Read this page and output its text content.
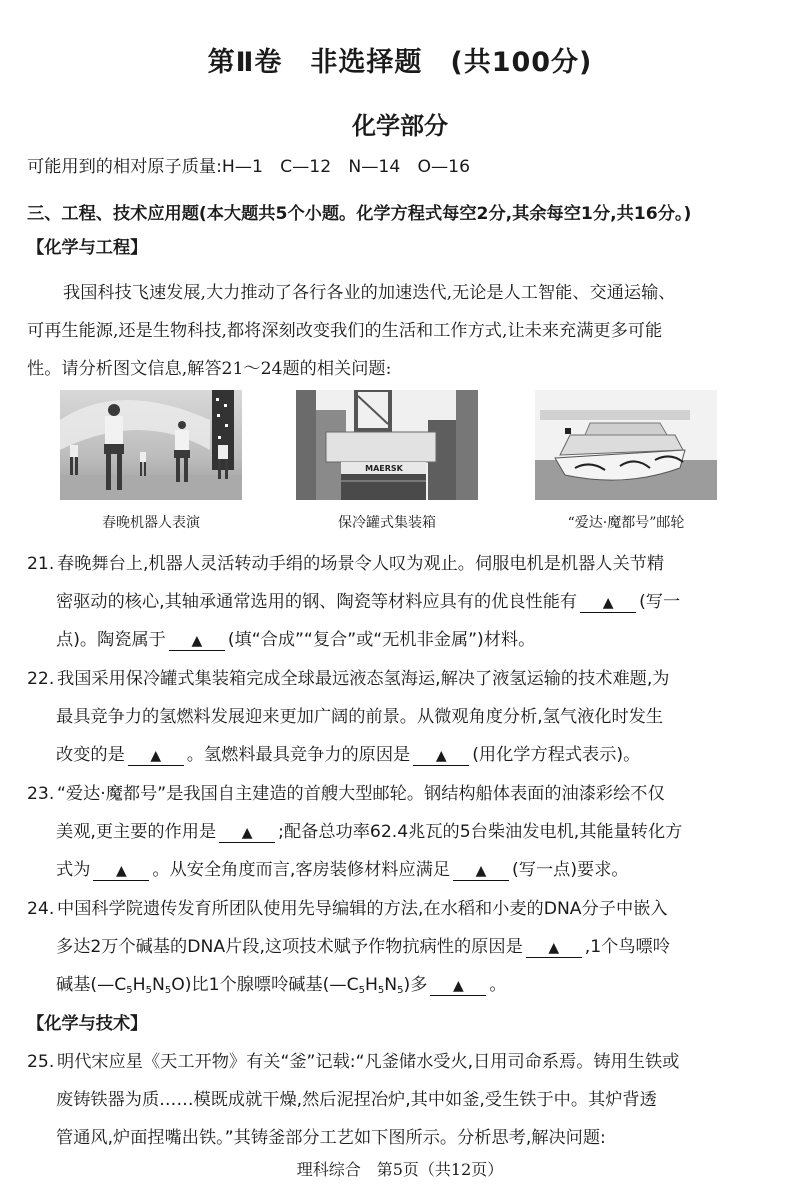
第Ⅱ卷　非选择题　(共100分)
化学部分
可能用到的相对原子质量:H—1　C—12　N—14　O—16
三、工程、技术应用题(本大题共5个小题。化学方程式每空2分,其余每空1分,共16分。)
【化学与工程】
我国科技飞速发展,大力推动了各行各业的加速迭代,无论是人工智能、交通运输、
可再生能源,还是生物科技,都将深刻改变我们的生活和工作方式,让未来充满更多可能
性。请分析图文信息,解答21～24题的相关问题:
春晚机器人表演
MAERSK
保冷罐式集装箱	“爱达·魔都号”邮轮
21. 春晚舞台上,机器人灵活转动手绢的场景令人叹为观止。伺服电机是机器人关节精
密驱动的核心,其轴承通常选用的钢、陶瓷等材料应具有的优良性能有 ▲ (写一
点)。陶瓷属于 ▲ (填“合成”“复合”或“无机非金属”)材料。
22. 我国采用保冷罐式集装箱完成全球最远液态氢海运,解决了液氢运输的技术难题,为
最具竞争力的氢燃料发展迎来更加广阔的前景。从微观角度分析,氢气液化时发生
改变的是 ▲ 。氢燃料最具竞争力的原因是 ▲ (用化学方程式表示)。
23. “爱达·魔都号”是我国自主建造的首艘大型邮轮。钢结构船体表面的油漆彩绘不仅
美观,更主要的作用是 ▲ ;配备总功率62.4兆瓦的5台柴油发电机,其能量转化方
式为 ▲ 。从安全角度而言,客房装修材料应满足 ▲ (写一点)要求。
24. 中国科学院遗传发育所团队使用先导编辑的方法,在水稻和小麦的DNA分子中嵌入
多达2万个碱基的DNA片段,这项技术赋予作物抗病性的原因是 ▲ ,1个鸟嘌呤
碱基$(—C_5H_5N_5O)$比1个腺嘌呤碱基$(—C_5H_5N_5)$多 ▲ 。
【化学与技术】
25. 明代宋应星《天工开物》有关“釜”记载:“凡釜储水受火,日用司命系焉。铸用生铁或
废铸铁器为质……模既成就干燥,然后泥捏冶炉,其中如釜,受生铁于中。其炉背透
管通风,炉面捏嘴出铁。”其铸釜部分工艺如下图所示。分析思考,解决问题:
理科综合　第5页（共12页）
